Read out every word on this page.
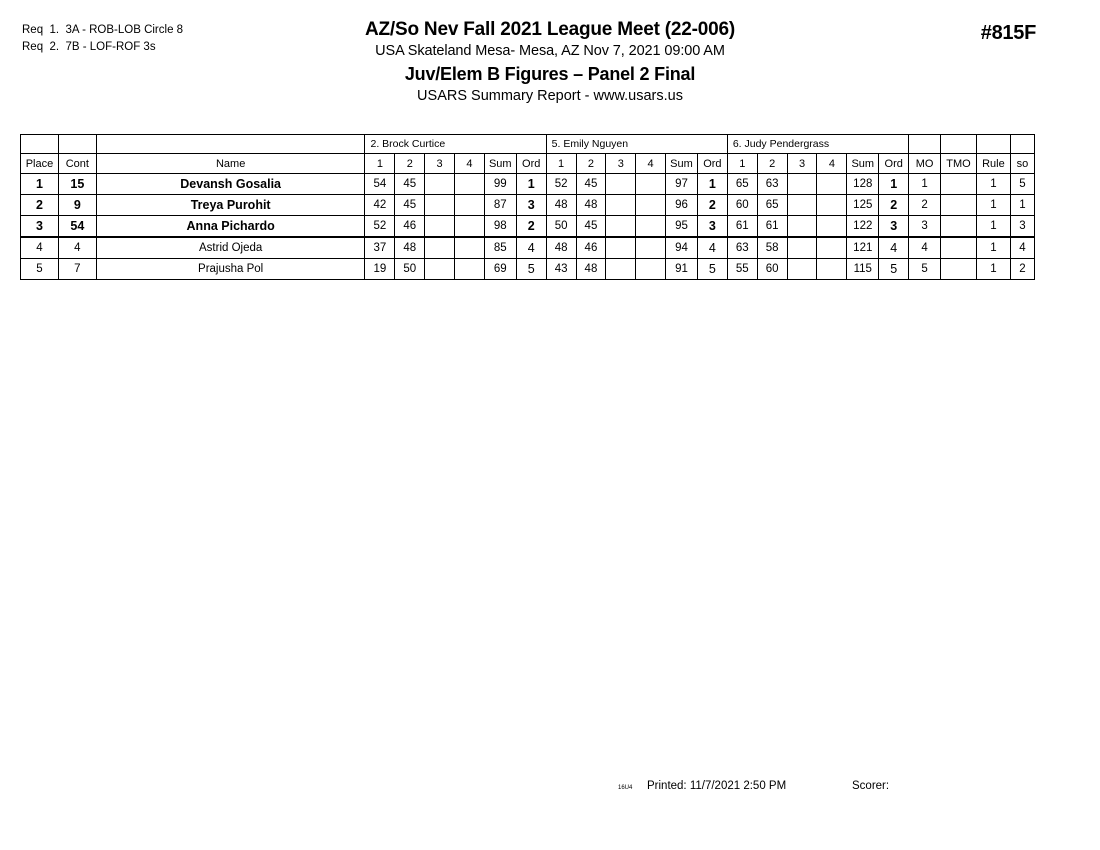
Req  1.  3A - ROB-LOB Circle 8
Req  2.  7B - LOF-ROF 3s
AZ/So Nev Fall 2021 League Meet (22-006)
USA Skateland Mesa- Mesa, AZ Nov 7, 2021 09:00 AM
Juv/Elem B Figures – Panel 2 Final
USARS Summary Report - www.usars.us
#815F
			2. Brock Curtice						5. Emily Nguyen						6. Judy Pendergrass									
Place	Cont	Name	1	2	3	4	Sum	Ord	1	2	3	4	Sum	Ord	1	2	3	4	Sum	Ord	MO	TMO	Rule	so
1	15	Devansh Gosalia	54	45			99	1	52	45			97	1	65	63			128	1	1		1	5
2	9	Treya Purohit	42	45			87	3	48	48			96	2	60	65			125	2	2		1	1
3	54	Anna Pichardo	52	46			98	2	50	45			95	3	61	61			122	3	3		1	3
4	4	Astrid Ojeda	37	48			85	4	48	46			94	4	63	58			121	4	4		1	4
5	7	Prajusha Pol	19	50			69	5	43	48			91	5	55	60			115	5	5		1	2
16U4 Printed: 11/7/2021 2:50 PM	Scorer:
